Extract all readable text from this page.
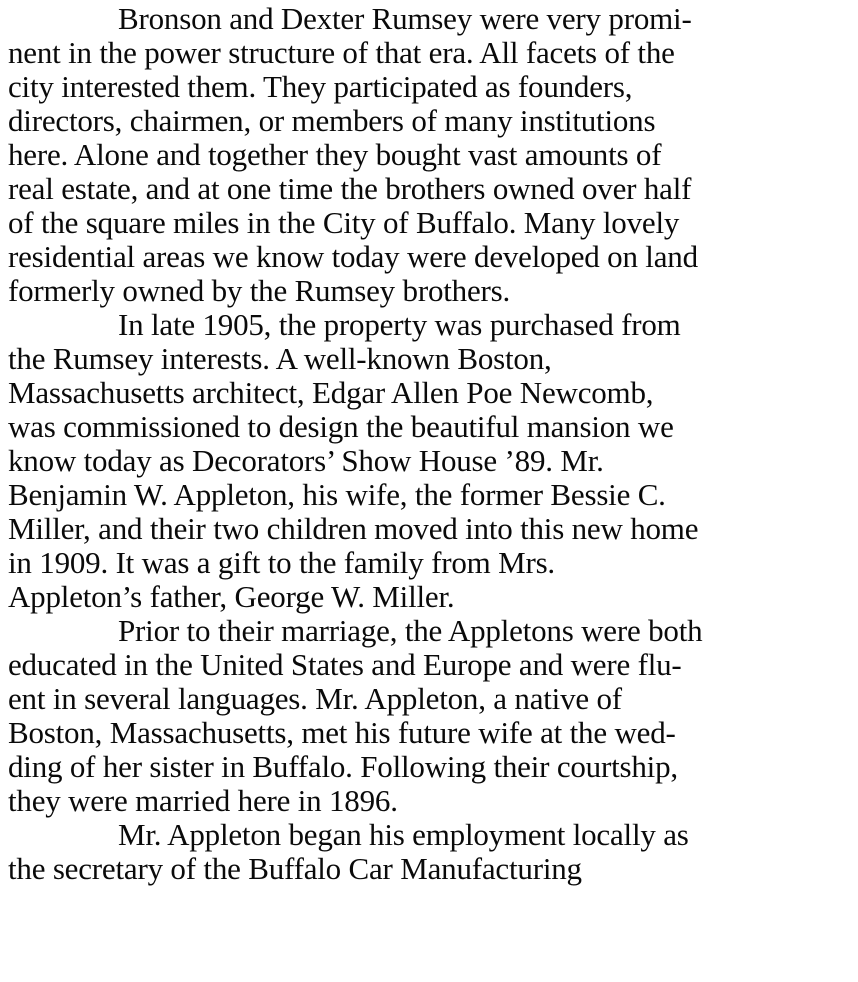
Bronson and Dexter Rumsey were very promi-
nent in the power structure of that era. All facets of the
city interested them. They participated as founders,
directors, chairmen, or members of many institutions
here. Alone and together they bought vast amounts of
real estate, and at one time the brothers owned over half
of the square miles in the City of Buffalo. Many lovely
residential areas we know today were developed on land
formerly owned by the Rumsey brothers.
In late 1905, the property was purchased from
the Rumsey interests. A well-known Boston,
Massachusetts architect, Edgar Allen Poe Newcomb,
was commissioned to design the beautiful mansion we
know today as Decorators’ Show House ’89. Mr.
Benjamin W. Appleton, his wife, the former Bessie C.
Miller, and their two children moved into this new home
in 1909. It was a gift to the family from Mrs.
Appleton’s father, George W. Miller.
Prior to their marriage, the Appletons were both
educated in the United States and Europe and were flu-
ent in several languages. Mr. Appleton, a native of
Boston, Massachusetts, met his future wife at the wed-
ding of her sister in Buffalo. Following their courtship,
they were married here in 1896.
Mr. Appleton began his employment locally as
the secretary of the Buffalo Car Manufacturing
